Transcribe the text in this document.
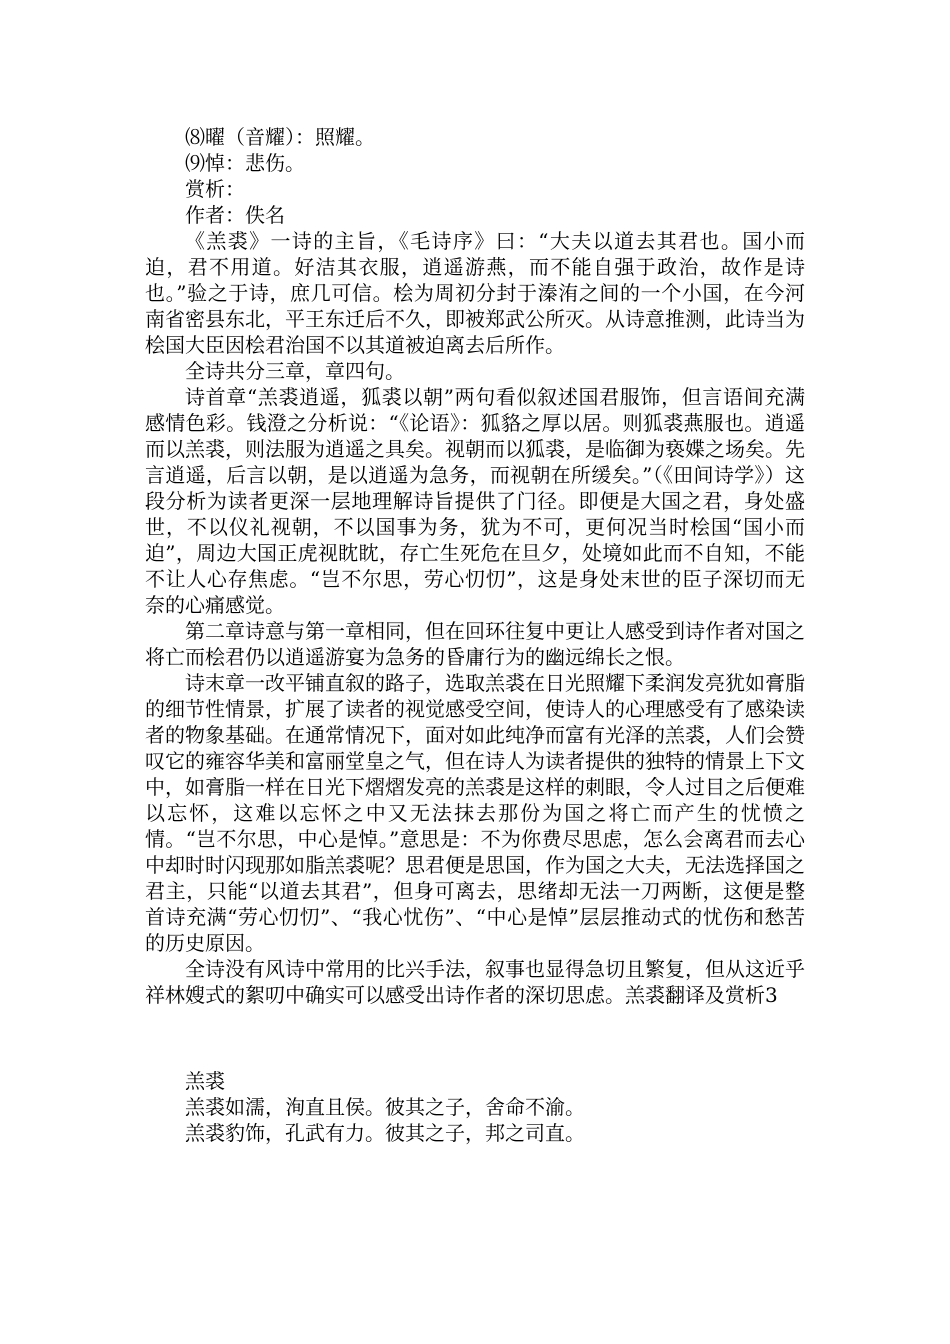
⑻曜（音耀）：照耀。

⑼悼：悲伤。

赏析：

作者：佚名

《羔裘》一诗的主旨，《毛诗序》曰：“大夫以道去其君也。国小而迫，君不用道。好洁其衣服，逍遥游燕，而不能自强于政治，故作是诗也。”验之于诗，庶几可信。桧为周初分封于溱洧之间的一个小国，在今河南省密县东北，平王东迁后不久，即被郑武公所灭。从诗意推测，此诗当为桧国大臣因桧君治国不以其道被迫离去后所作。

全诗共分三章，章四句。

诗首章“羔裘逍遥，狐裘以朝”两句看似叙述国君服饰，但言语间充满感情色彩。钱澄之分析说：“《论语》：狐貉之厚以居。则狐裘燕服也。逍遥而以羔裘，则法服为逍遥之具矣。视朝而以狐裘，是临御为亵媟之场矣。先言逍遥，后言以朝，是以逍遥为急务，而视朝在所缓矣。”（《田间诗学》）这段分析为读者更深一层地理解诗旨提供了门径。即便是大国之君，身处盛世，不以仪礼视朝，不以国事为务，犹为不可，更何况当时桧国“国小而迫”，周边大国正虎视眈眈，存亡生死危在旦夕，处境如此而不自知，不能不让人心存焦虑。“岂不尔思，劳心忉忉”，这是身处末世的臣子深切而无奈的心痛感觉。

第二章诗意与第一章相同，但在回环往复中更让人感受到诗作者对国之将亡而桧君仍以逍遥游宴为急务的昏庸行为的幽远绵长之恨。

诗末章一改平铺直叙的路子，选取羔裘在日光照耀下柔润发亮犹如膏脂的细节性情景，扩展了读者的视觉感受空间，使诗人的心理感受有了感染读者的物象基础。在通常情况下，面对如此纯净而富有光泽的羔裘，人们会赞叹它的雍容华美和富丽堂皇之气，但在诗人为读者提供的独特的情景上下文中，如膏脂一样在日光下熠熠发亮的羔裘是这样的刺眼，令人过目之后便难以忘怀，这难以忘怀之中又无法抹去那份为国之将亡而产生的忧愤之情。“岂不尔思，中心是悼。”意思是：不为你费尽思虑，怎么会离君而去心中却时时闪现那如脂羔裘呢？思君便是思国，作为国之大夫，无法选择国之君主，只能“以道去其君”，但身可离去，思绪却无法一刀两断，这便是整首诗充满“劳心忉忉”、“我心忧伤”、“中心是悼”层层推动式的忧伤和愁苦的历史原因。

全诗没有风诗中常用的比兴手法，叙事也显得急切且繁复，但从这近乎祥林嫂式的絮叨中确实可以感受出诗作者的深切思虑。羔裘翻译及赏析3

羔裘

羔裘如濡，洵直且侯。彼其之子，舍命不渝。

羔裘豹饰，孔武有力。彼其之子，邦之司直。
